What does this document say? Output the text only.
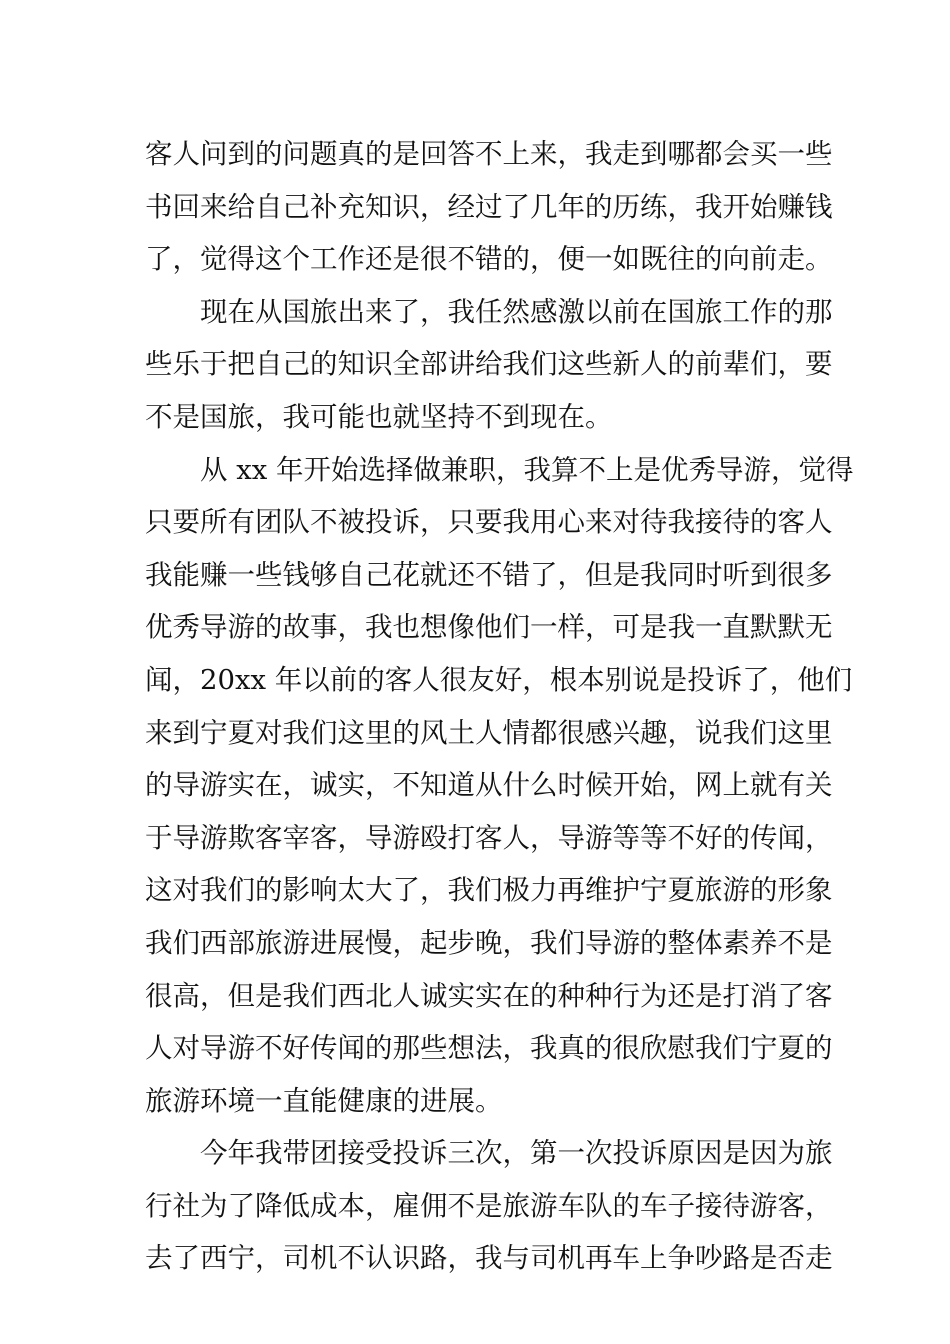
客人问到的问题真的是回答不上来，我走到哪都会买一些
书回来给自己补充知识，经过了几年的历练，我开始赚钱
了，觉得这个工作还是很不错的，便一如既往的向前走。
现在从国旅出来了，我任然感激以前在国旅工作的那
些乐于把自己的知识全部讲给我们这些新人的前辈们，要
不是国旅，我可能也就坚持不到现在。
从 xx 年开始选择做兼职，我算不上是优秀导游，觉得
只要所有团队不被投诉，只要我用心来对待我接待的客人
我能赚一些钱够自己花就还不错了，但是我同时听到很多
优秀导游的故事，我也想像他们一样，可是我一直默默无
闻，20xx 年以前的客人很友好，根本别说是投诉了，他们
来到宁夏对我们这里的风土人情都很感兴趣，说我们这里
的导游实在，诚实，不知道从什么时候开始，网上就有关
于导游欺客宰客，导游殴打客人，导游等等不好的传闻，
这对我们的影响太大了，我们极力再维护宁夏旅游的形象
我们西部旅游进展慢，起步晚，我们导游的整体素养不是
很高，但是我们西北人诚实实在的种种行为还是打消了客
人对导游不好传闻的那些想法，我真的很欣慰我们宁夏的
旅游环境一直能健康的进展。
今年我带团接受投诉三次，第一次投诉原因是因为旅
行社为了降低成本，雇佣不是旅游车队的车子接待游客，
去了西宁，司机不认识路，我与司机再车上争吵路是否走
